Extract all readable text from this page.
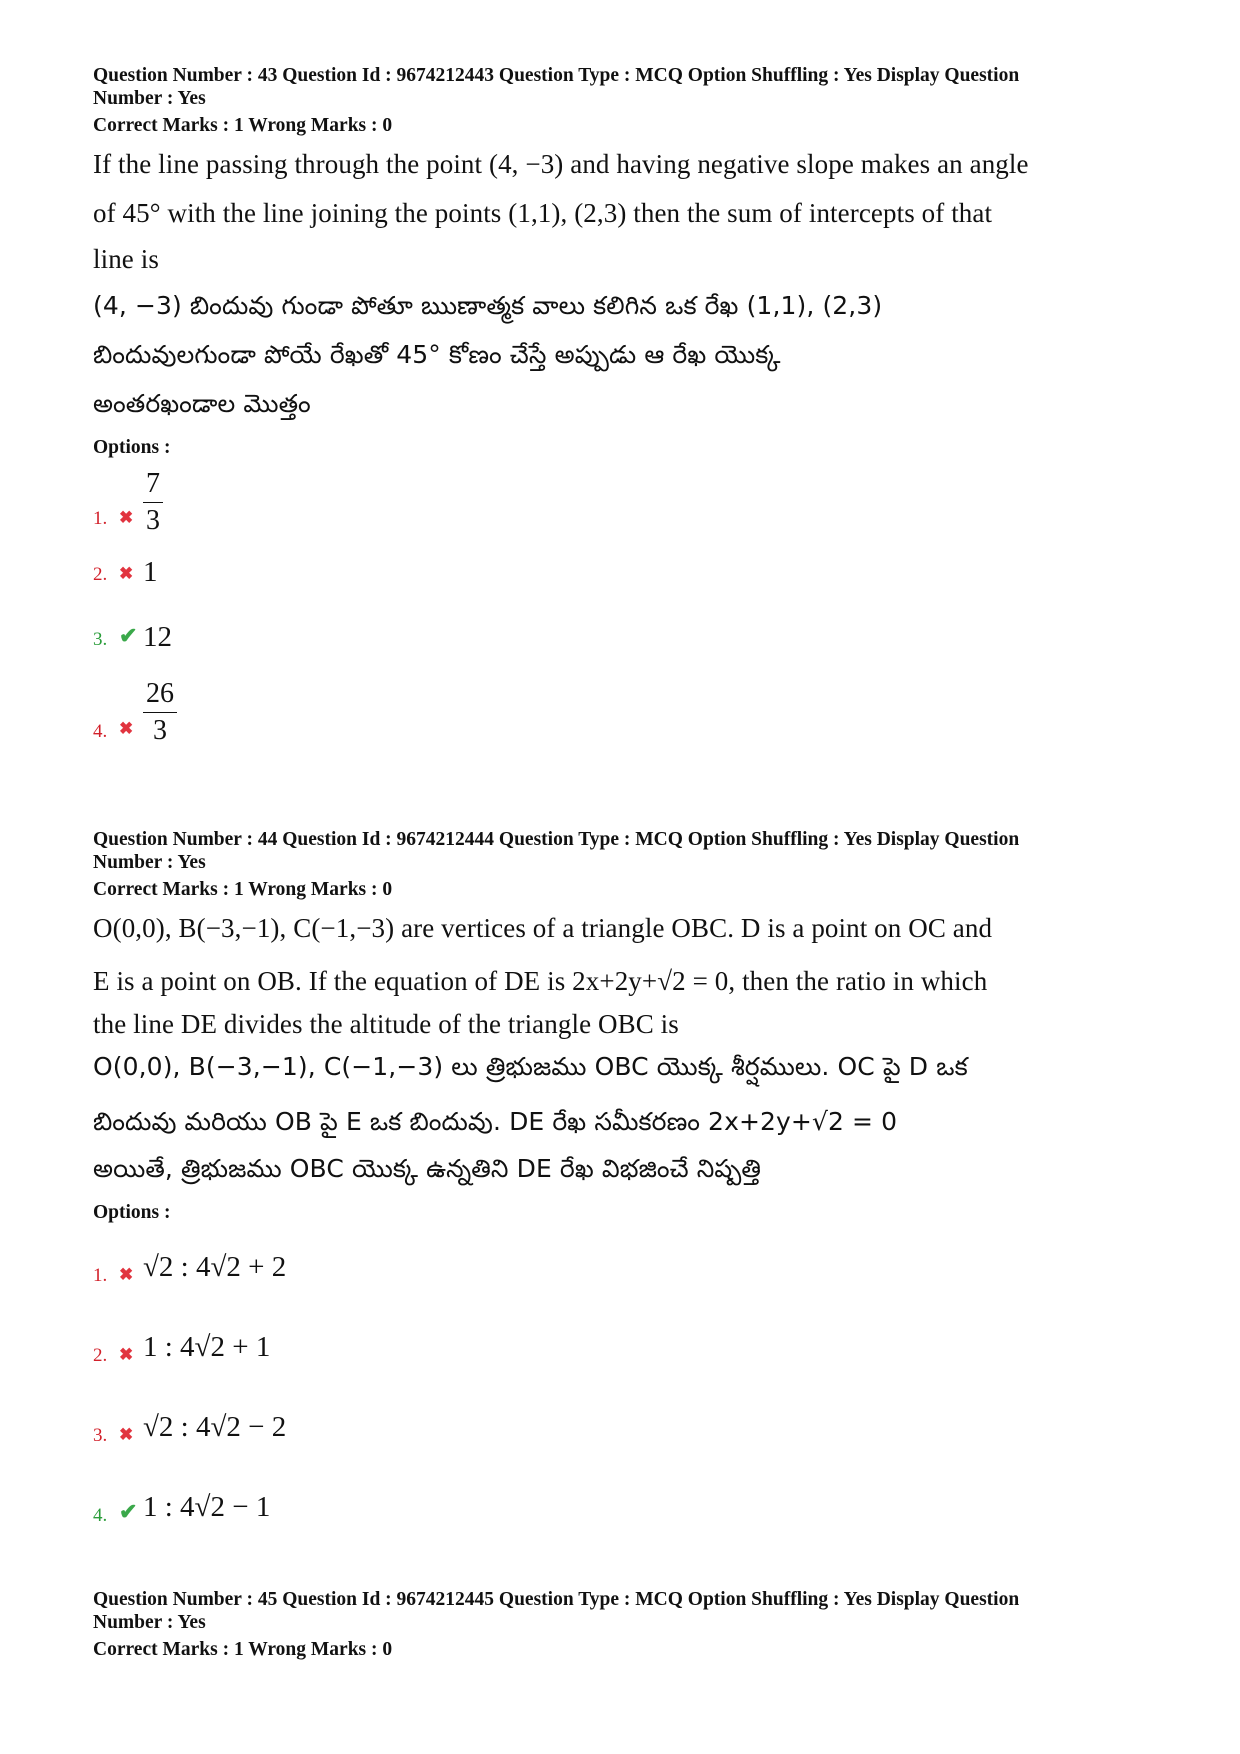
Question Number : 43 Question Id : 9674212443 Question Type : MCQ Option Shuffling : Yes Display Question

Number : Yes

Correct Marks : 1 Wrong Marks : 0

If the line passing through the point (4, −3) and having negative slope makes an angle

of 45° with the line joining the points (1,1), (2,3) then the sum of intercepts of that

line is

(4, −3) బిందువు గుండా పోతూ ఋణాత్మక వాలు కలిగిన ఒక రేఖ (1,1), (2,3)

బిందువులగుండా పోయే రేఖతో 45° కోణం చేస్తే అప్పుడు ఆ రేఖ యొక్క

అంతరఖండాల మొత్తం

Options :
1. ✖
7
3
2. ✖ 1
3. ✔ 12
4. ✖
26
3

Question Number : 44 Question Id : 9674212444 Question Type : MCQ Option Shuffling : Yes Display Question

Number : Yes

Correct Marks : 1 Wrong Marks : 0

O(0,0), B(−3,−1), C(−1,−3) are vertices of a triangle OBC. D is a point on OC and

E is a point on OB. If the equation of DE is 2x+2y+√2 = 0, then the ratio in which

the line DE divides the altitude of the triangle OBC is

O(0,0), B(−3,−1), C(−1,−3) లు త్రిభుజము OBC యొక్క శీర్షములు. OC పై D ఒక

బిందువు మరియు OB పై E ఒక బిందువు. DE రేఖ సమీకరణం 2x+2y+√2 = 0

అయితే, త్రిభుజము OBC యొక్క ఉన్నతిని DE రేఖ విభజించే నిష్పత్తి

Options :
1. ✖ √2 : 4√2 + 2
2. ✖ 1 : 4√2 + 1
3. ✖ √2 : 4√2 − 2
4. ✔ 1 : 4√2 − 1

Question Number : 45 Question Id : 9674212445 Question Type : MCQ Option Shuffling : Yes Display Question

Number : Yes

Correct Marks : 1 Wrong Marks : 0
